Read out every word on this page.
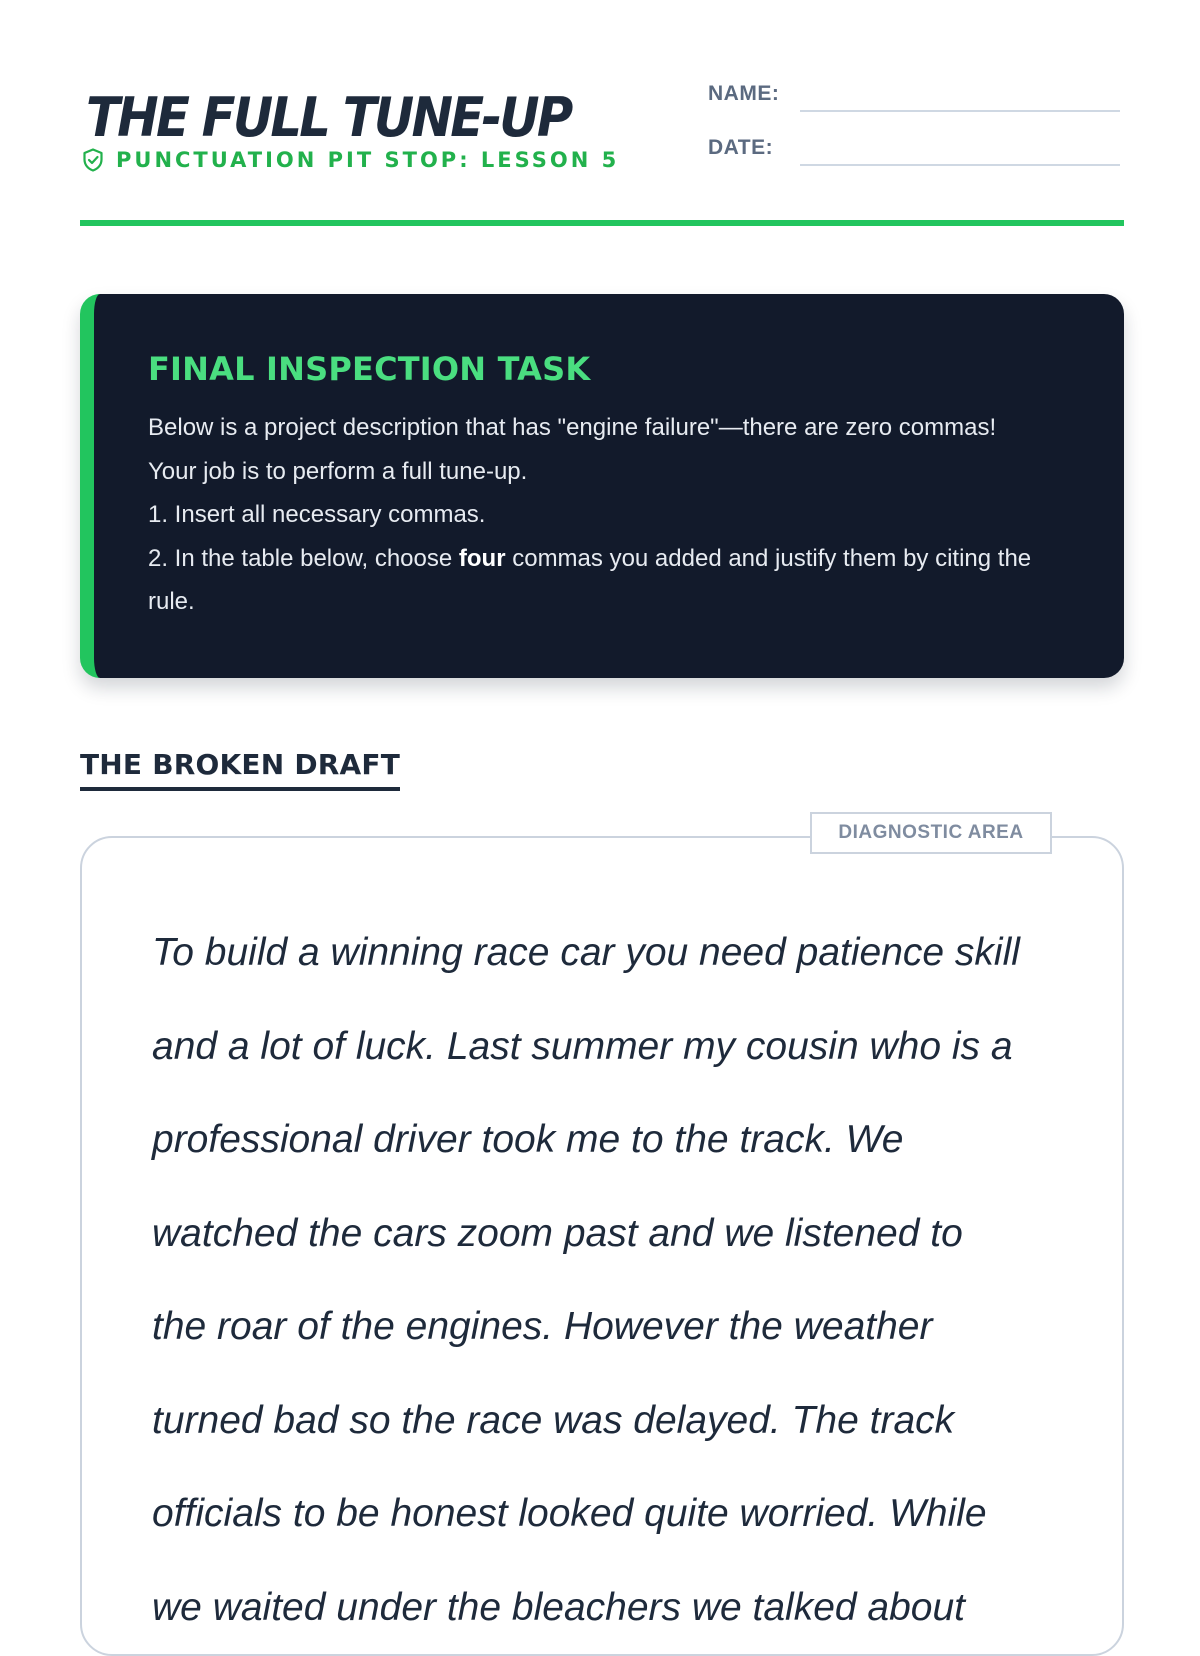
THE FULL TUNE-UP
PUNCTUATION PIT STOP: LESSON 5
NAME:
DATE:
FINAL INSPECTION TASK

Below is a project description that has "engine failure"—there are zero commas! Your job is to perform a full tune-up.

1. Insert all necessary commas.

2. In the table below, choose four commas you added and justify them by citing the rule.

THE BROKEN DRAFT
DIAGNOSTIC AREA
To build a winning race car you need patience skill
and a lot of luck. Last summer my cousin who is a
professional driver took me to the track. We
watched the cars zoom past and we listened to
the roar of the engines. However the weather
turned bad so the race was delayed. The track
officials to be honest looked quite worried. While
we waited under the bleachers we talked about
